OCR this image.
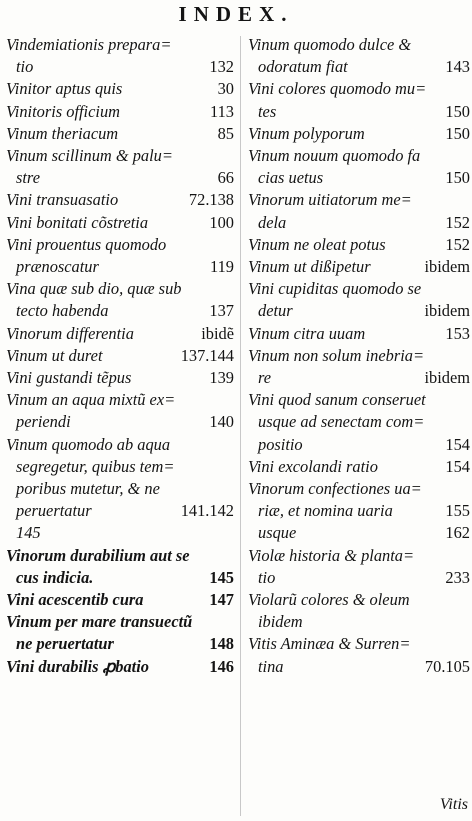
INDEX.
Vindemiationis prepara=
tio	132
Vinitor aptus quis	30
Vinitoris officium	113
Vinum theriacum	85
Vinum scillinum & palu=
stre	66
Vini transuasatio	72.138
Vini bonitati cõstretia	100
Vini prouentus quomodo
prænoscatur	119
Vina quæ sub dio, quæ sub
tecto habenda	137
Vinorum differentia	ibidẽ
Vinum ut duret	137.144
Vini gustandi tẽpus	139
Vinum an aqua mixtũ ex=
periendi	140
Vinum quomodo ab aqua
segregetur, quibus tem=
poribus mutetur, & ne
peruertatur	141.142
145
Vinorum durabilium aut se
cus indicia.	145
Vini acescentib cura	147
Vinum per mare transuectũ
ne peruertatur	148
Vini durabilis ꝓbatio	146
Vinum quomodo dulce &
odoratum fiat	143
Vini colores quomodo mu=
tes	150
Vinum polyporum	150
Vinum nouum quomodo fa
cias uetus	150
Vinorum uitiatorum me=
dela	152
Vinum ne oleat potus	152
Vinum ut dißipetur	ibidem
Vini cupiditas quomodo se
detur	ibidem
Vinum citra uuam	153
Vinum non solum inebria=
re	ibidem
Vini quod sanum conseruet
usque ad senectam com=
positio	154
Vini excolandi ratio	154
Vinorum confectiones ua=
riæ, et nomina uaria	155
usque	162
Violæ historia & planta=
tio	233
Violarũ colores & oleum
ibidem
Vitis Aminæa & Surren=
tina	70.105
Vitis
